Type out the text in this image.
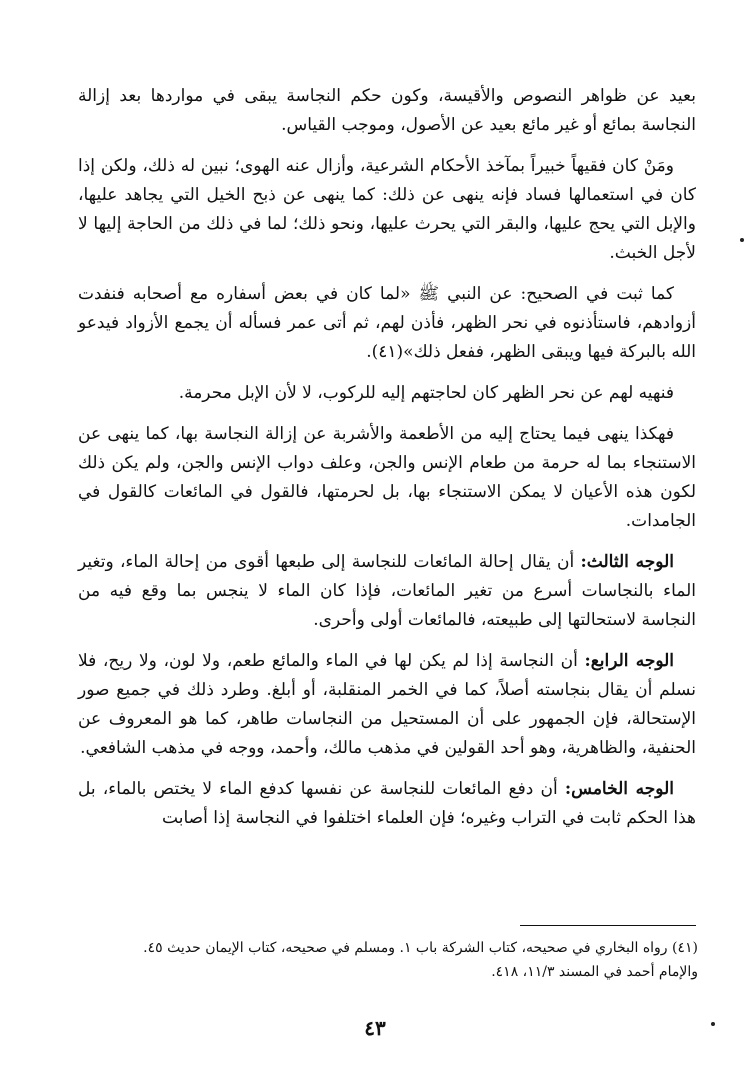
بعيد عن ظواهر النصوص والأقيسة، وكون حكم النجاسة يبقى في مواردها بعد إزالة النجاسة بمائع أو غير مائع بعيد عن الأصول، وموجب القياس.

ومَنْ كان فقيهاً خبيراً بمآخذ الأحكام الشرعية، وأزال عنه الهوى؛ نبين له ذلك، ولكن إذا كان في استعمالها فساد فإنه ينهى عن ذلك: كما ينهى عن ذبح الخيل التي يجاهد عليها، والإبل التي يحج عليها، والبقر التي يحرث عليها، ونحو ذلك؛ لما في ذلك من الحاجة إليها لا لأجل الخبث.

كما ثبت في الصحيح: عن النبي ﷺ «لما كان في بعض أسفاره مع أصحابه فنفدت أزوادهم، فاستأذنوه في نحر الظهر، فأذن لهم، ثم أتى عمر فسأله أن يجمع الأزواد فيدعو الله بالبركة فيها ويبقى الظهر، ففعل ذلك»(٤١).

فنهيه لهم عن نحر الظهر كان لحاجتهم إليه للركوب، لا لأن الإبل محرمة.

فهكذا ينهى فيما يحتاج إليه من الأطعمة والأشربة عن إزالة النجاسة بها، كما ينهى عن الاستنجاء بما له حرمة من طعام الإنس والجن، وعلف دواب الإنس والجن، ولم يكن ذلك لكون هذه الأعيان لا يمكن الاستنجاء بها، بل لحرمتها، فالقول في المائعات كالقول في الجامدات.

الوجه الثالث: أن يقال إحالة المائعات للنجاسة إلى طبعها أقوى من إحالة الماء، وتغير الماء بالنجاسات أسرع من تغير المائعات، فإذا كان الماء لا ينجس بما وقع فيه من النجاسة لاستحالتها إلى طبيعته، فالمائعات أولى وأحرى.

الوجه الرابع: أن النجاسة إذا لم يكن لها في الماء والمائع طعم، ولا لون، ولا ريح، فلا نسلم أن يقال بنجاسته أصلاً، كما في الخمر المنقلبة، أو أبلغ. وطرد ذلك في جميع صور الإستحالة، فإن الجمهور على أن المستحيل من النجاسات طاهر، كما هو المعروف عن الحنفية، والظاهرية، وهو أحد القولين في مذهب مالك، وأحمد، ووجه في مذهب الشافعي.

الوجه الخامس: أن دفع المائعات للنجاسة عن نفسها كدفع الماء لا يختص بالماء، بل هذا الحكم ثابت في التراب وغيره؛ فإن العلماء اختلفوا في النجاسة إذا أصابت

(٤١) رواه البخاري في صحيحه، كتاب الشركة باب ١. ومسلم في صحيحه، كتاب الإيمان حديث ٤٥.
والإمام أحمد في المسند ١١/٣، ٤١٨.
٤٣
